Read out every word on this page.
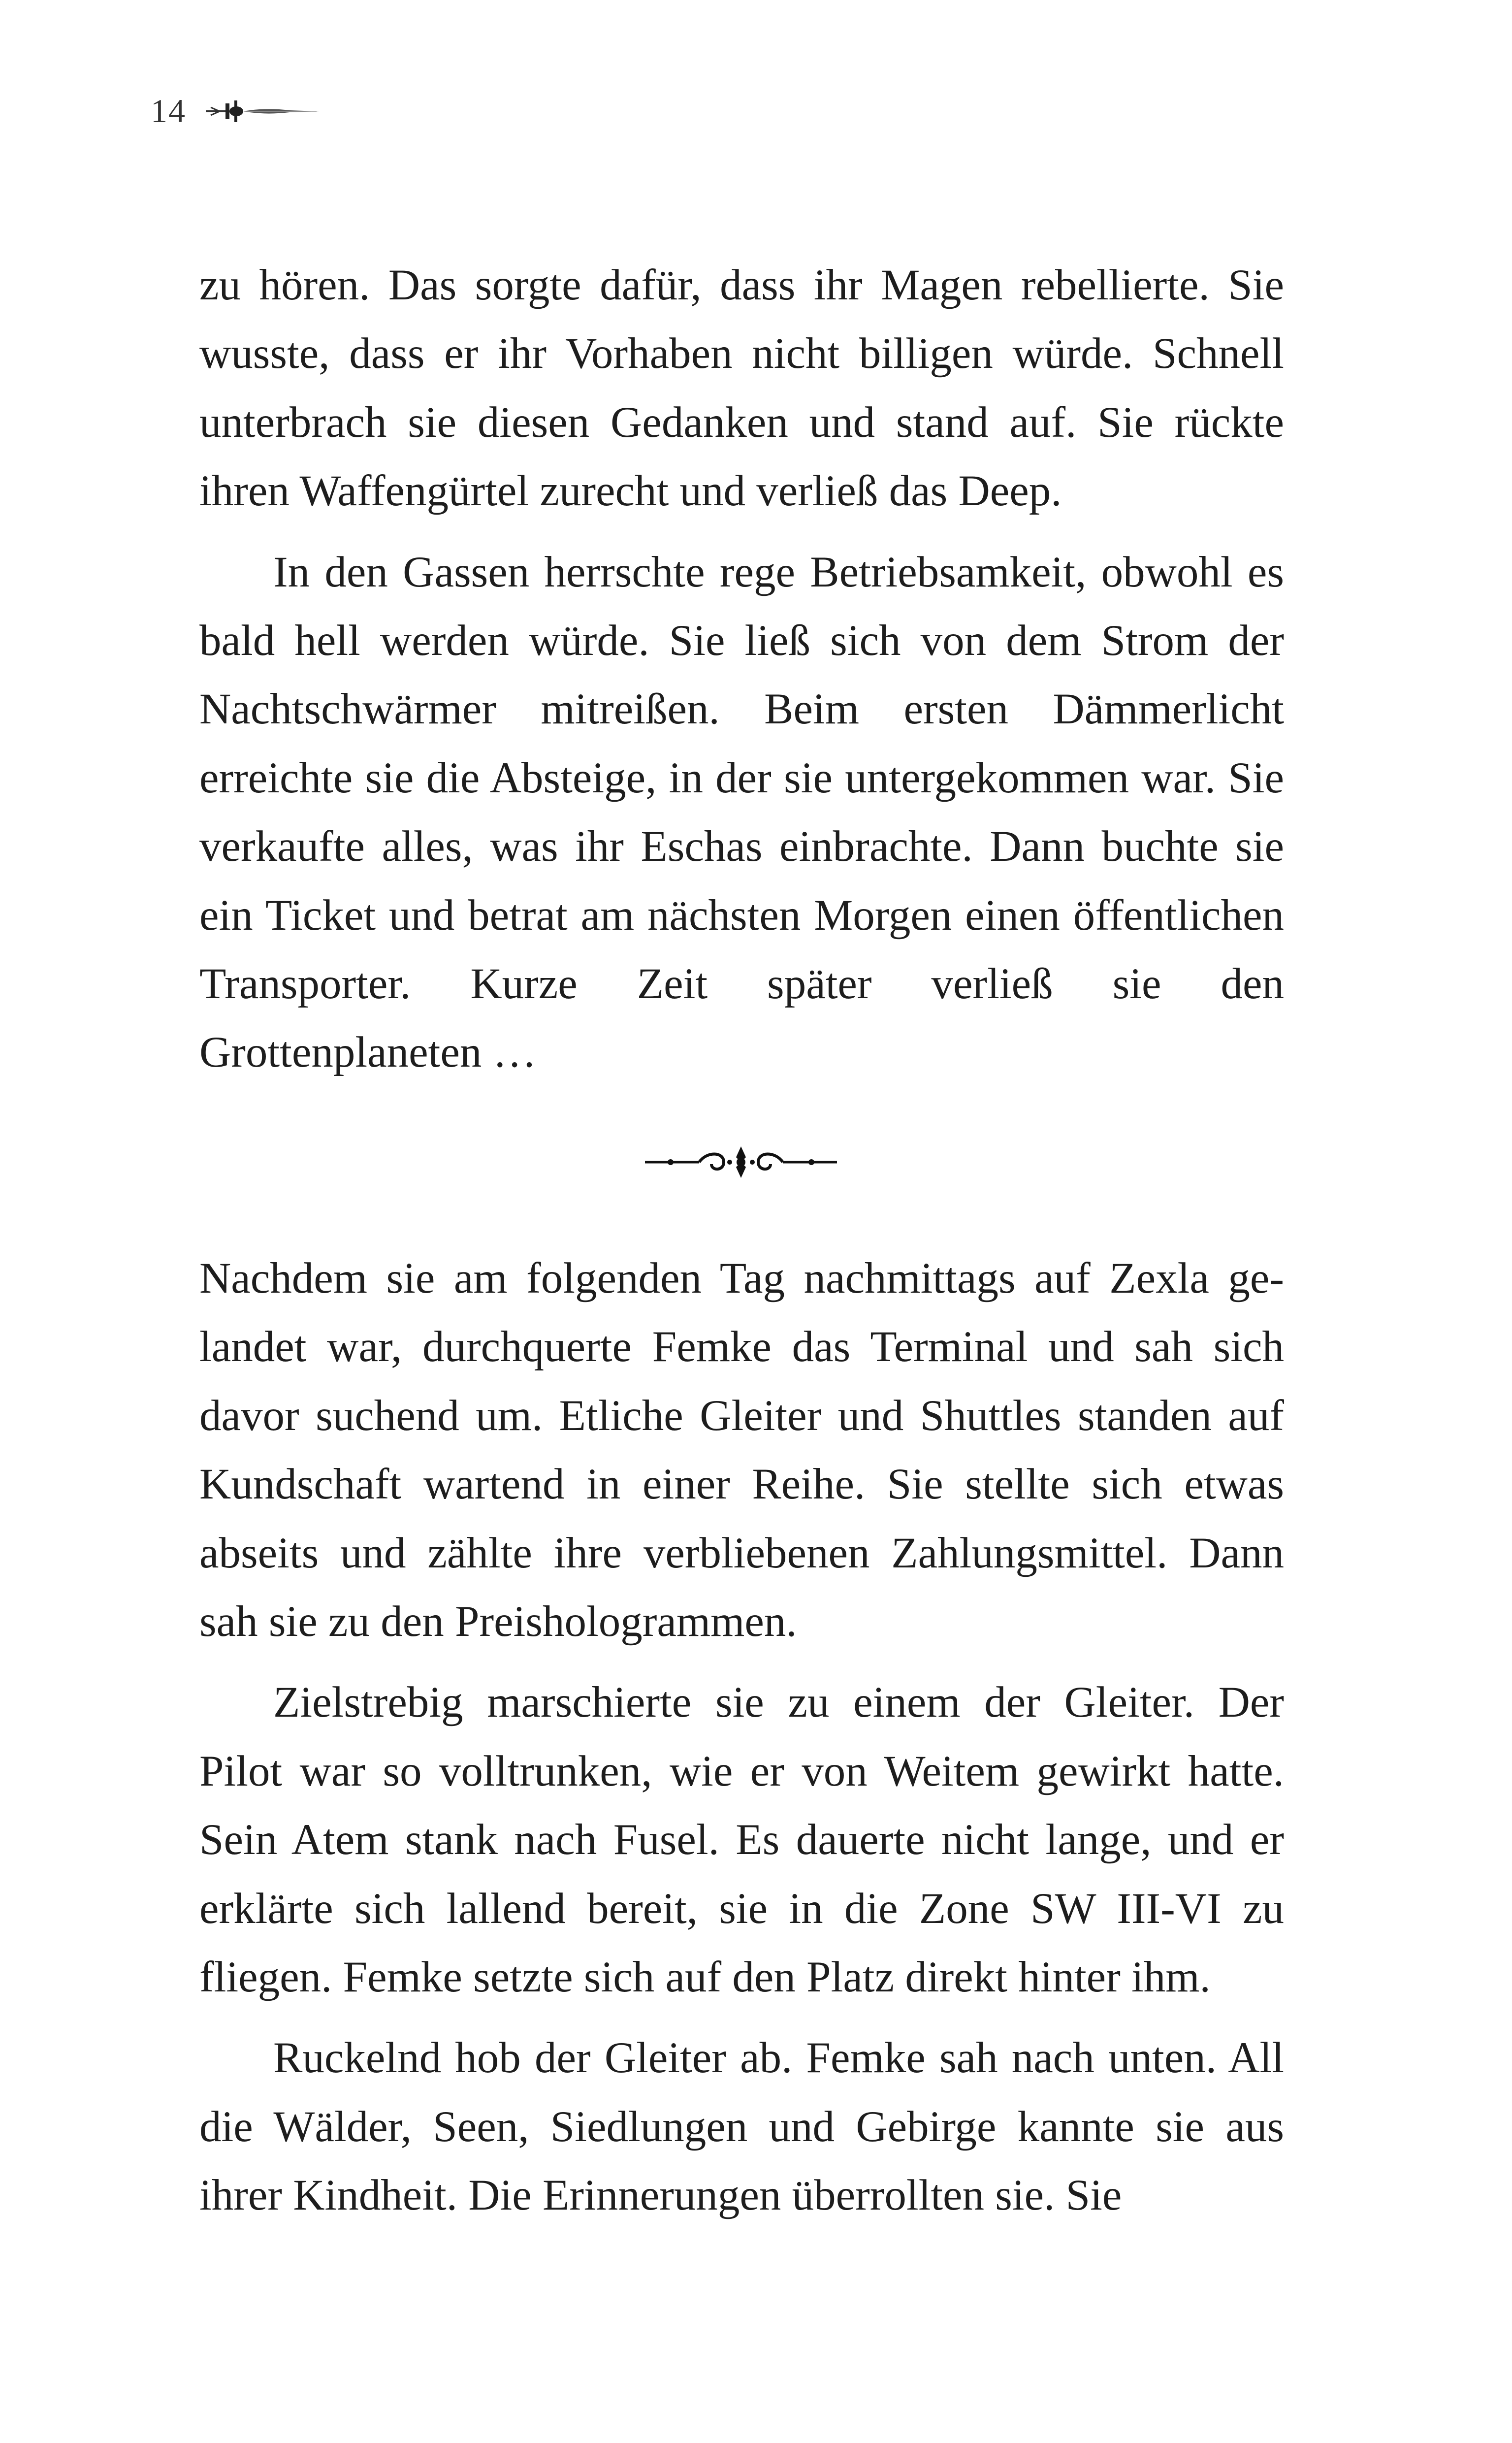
14

zu hören. Das sorgte dafür, dass ihr Magen rebellierte. Sie wusste, dass er ihr Vorhaben nicht billigen würde. Schnell unterbrach sie diesen Gedanken und stand auf. Sie rückte ihren Waffengürtel zurecht und verließ das Deep.

In den Gassen herrschte rege Betriebsamkeit, obwohl es bald hell werden würde. Sie ließ sich von dem Strom der Nachtschwärmer mitreißen. Beim ersten Dämmerlicht erreichte sie die Absteige, in der sie untergekommen war. Sie verkaufte alles, was ihr Eschas einbrachte. Dann buchte sie ein Ticket und betrat am nächsten Morgen einen öffentlichen Transporter. Kurze Zeit später verließ sie den Grottenplaneten …

Nachdem sie am folgenden Tag nachmittags auf Zexla gelandet war, durchquerte Femke das Terminal und sah sich davor suchend um. Etliche Gleiter und Shuttles standen auf Kundschaft wartend in einer Reihe. Sie stellte sich etwas abseits und zählte ihre verbliebenen Zahlungsmittel. Dann sah sie zu den Preishologrammen.

Zielstrebig marschierte sie zu einem der Gleiter. Der Pilot war so volltrunken, wie er von Weitem gewirkt hatte. Sein Atem stank nach Fusel. Es dauerte nicht lange, und er erklärte sich lallend bereit, sie in die Zone SW III-VI zu fliegen. Femke setzte sich auf den Platz direkt hinter ihm.

Ruckelnd hob der Gleiter ab. Femke sah nach unten. All die Wälder, Seen, Siedlungen und Gebirge kannte sie aus ihrer Kindheit. Die Erinnerungen überrollten sie. Sie
